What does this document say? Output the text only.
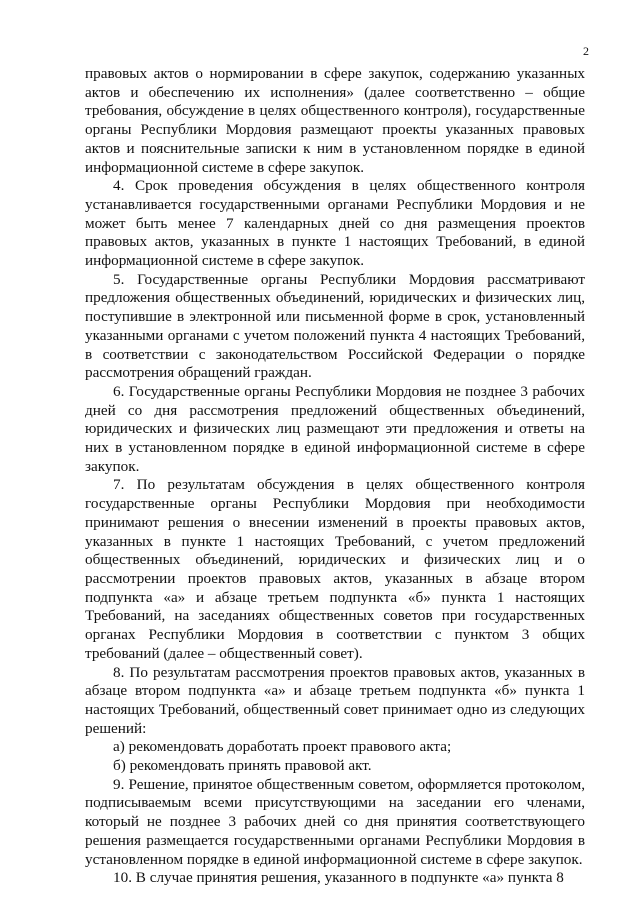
2

правовых актов о нормировании в сфере закупок, содержанию указанных актов и обеспечению их исполнения» (далее соответственно – общие требования, обсуждение в целях общественного контроля), государственные органы Республики Мордовия размещают проекты указанных правовых актов и пояснительные записки к ним в установленном порядке в единой информационной системе в сфере закупок.

4. Срок проведения обсуждения в целях общественного контроля устанавливается государственными органами Республики Мордовия и не может быть менее 7 календарных дней со дня размещения проектов правовых актов, указанных в пункте 1 настоящих Требований, в единой информационной системе в сфере закупок.

5. Государственные органы Республики Мордовия рассматривают предложения общественных объединений, юридических и физических лиц, поступившие в электронной или письменной форме в срок, установленный указанными органами с учетом положений пункта 4 настоящих Требований, в соответствии с законодательством Российской Федерации о порядке рассмотрения обращений граждан.

6. Государственные органы Республики Мордовия не позднее 3 рабочих дней со дня рассмотрения предложений общественных объединений, юридических и физических лиц размещают эти предложения и ответы на них в установленном порядке в единой информационной системе в сфере закупок.

7. По результатам обсуждения в целях общественного контроля государственные органы Республики Мордовия при необходимости принимают решения о внесении изменений в проекты правовых актов, указанных в пункте 1 настоящих Требований, с учетом предложений общественных объединений, юридических и физических лиц и о рассмотрении проектов правовых актов, указанных в абзаце втором подпункта «а» и абзаце третьем подпункта «б» пункта 1 настоящих Требований, на заседаниях общественных советов при государственных органах Республики Мордовия в соответствии с пунктом 3 общих требований (далее – общественный совет).

8. По результатам рассмотрения проектов правовых актов, указанных в абзаце втором подпункта «а» и абзаце третьем подпункта «б» пункта 1 настоящих Требований, общественный совет принимает одно из следующих решений:

а) рекомендовать доработать проект правового акта;

б) рекомендовать принять правовой акт.

9. Решение, принятое общественным советом, оформляется протоколом, подписываемым всеми присутствующими на заседании его членами, который не позднее 3 рабочих дней со дня принятия соответствующего решения размещается государственными органами Республики Мордовия в установленном порядке в единой информационной системе в сфере закупок.

10. В случае принятия решения, указанного в подпункте «а» пункта 8
